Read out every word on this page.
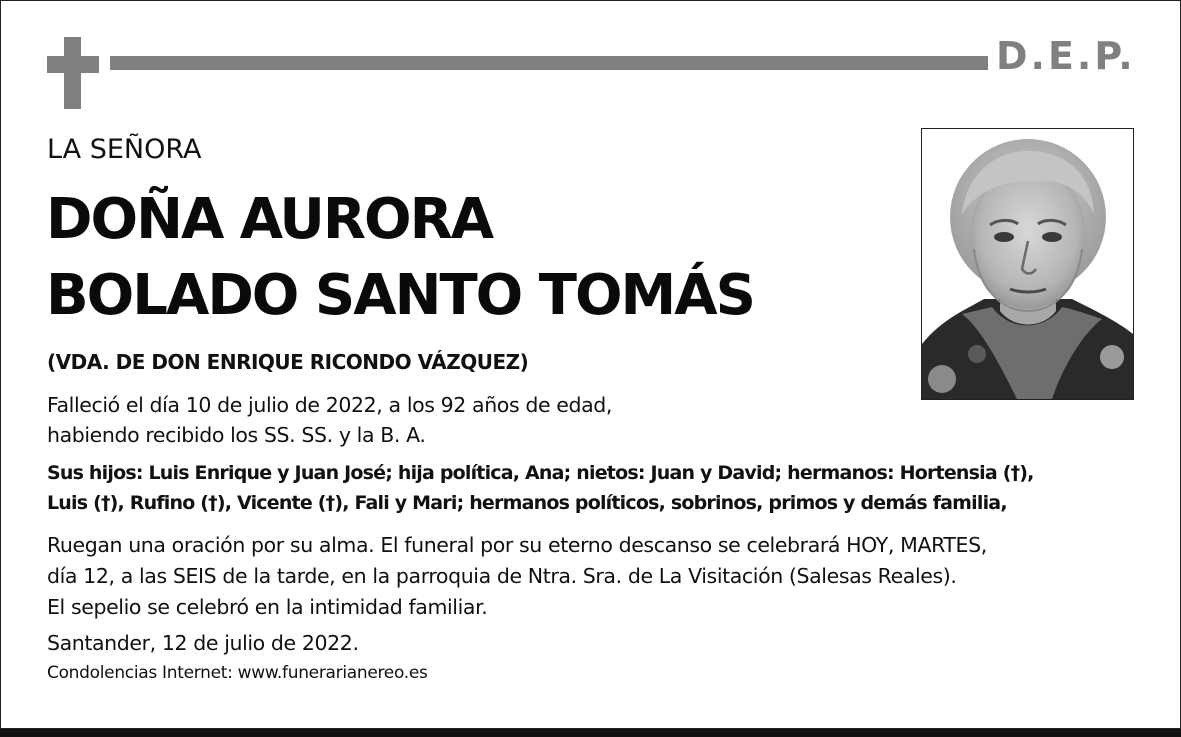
D.E.P.
LA SEÑORA
DOÑA AURORA
BOLADO SANTO TOMÁS
(VDA. DE DON ENRIQUE RICONDO VÁZQUEZ)
Falleció el día 10 de julio de 2022, a los 92 años de edad,
habiendo recibido los SS. SS. y la B. A.
Sus hijos: Luis Enrique y Juan José; hija política, Ana; nietos: Juan y David; hermanos: Hortensia (†),
Luis (†), Rufino (†), Vicente (†), Fali y Mari; hermanos políticos, sobrinos, primos y demás familia,
Ruegan una oración por su alma. El funeral por su eterno descanso se celebrará HOY, MARTES,
día 12, a las SEIS de la tarde, en la parroquia de Ntra. Sra. de La Visitación (Salesas Reales).
El sepelio se celebró en la intimidad familiar.
Santander, 12 de julio de 2022.
Condolencias Internet: www.funerarianereo.es
